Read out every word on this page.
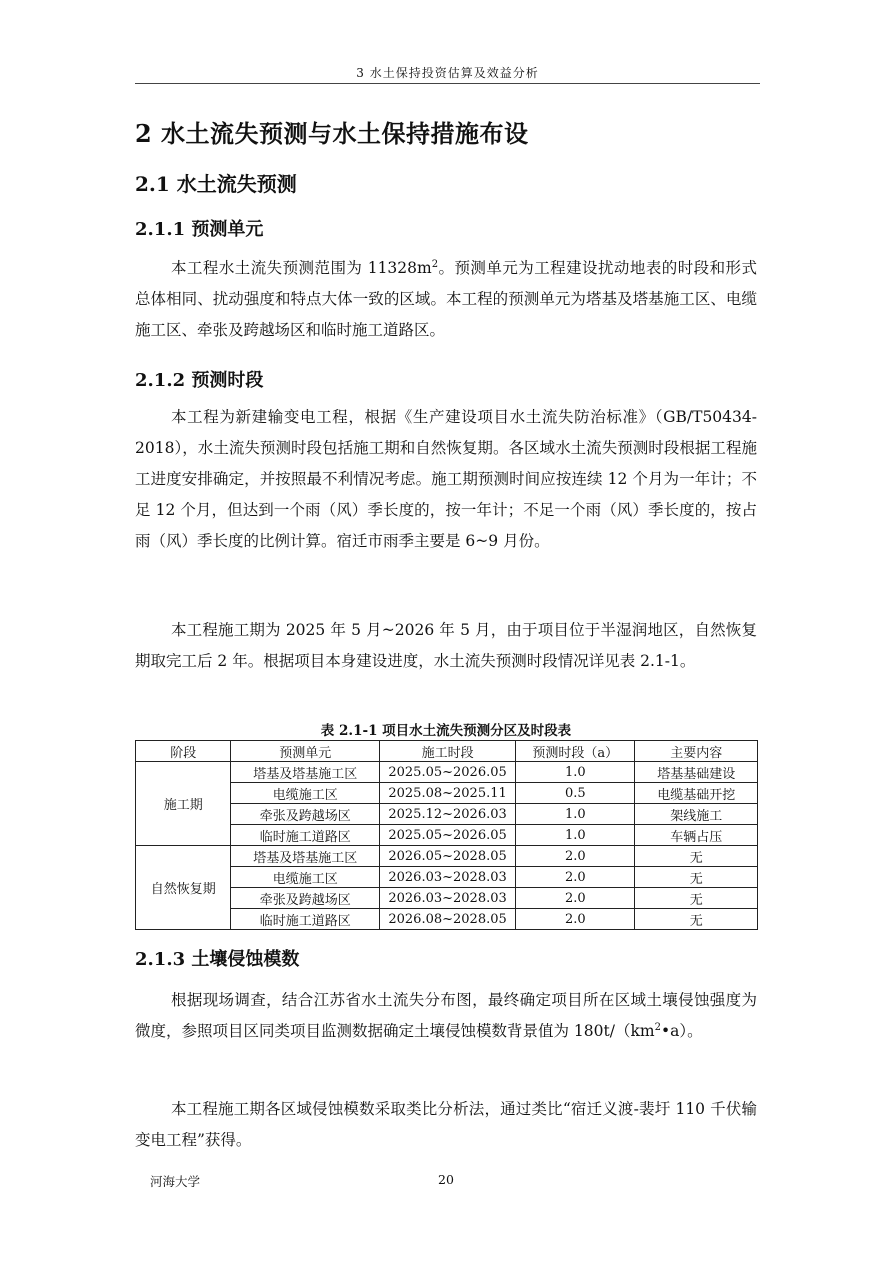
3 水土保持投资估算及效益分析
2 水土流失预测与水土保持措施布设
2.1 水土流失预测
2.1.1 预测单元

本工程水土流失预测范围为 $11328m^2$。预测单元为工程建设扰动地表的时段和形式总体相同、扰动强度和特点大体一致的区域。本工程的预测单元为塔基及塔基施工区、电缆施工区、牵张及跨越场区和临时施工道路区。

2.1.2 预测时段

本工程为新建输变电工程，根据《生产建设项目水土流失防治标准》（GB/T50434-2018），水土流失预测时段包括施工期和自然恢复期。各区域水土流失预测时段根据工程施工进度安排确定，并按照最不利情况考虑。施工期预测时间应按连续 12 个月为一年计；不足 12 个月，但达到一个雨（风）季长度的，按一年计；不足一个雨（风）季长度的，按占雨（风）季长度的比例计算。宿迁市雨季主要是 6~9 月份。

本工程施工期为 2025 年 5 月~2026 年 5 月，由于项目位于半湿润地区，自然恢复期取完工后 2 年。根据项目本身建设进度，水土流失预测时段情况详见表 2.1-1。

表 2.1-1 项目水土流失预测分区及时段表
阶段	预测单元	施工时段	预测时段（a）	主要内容
施工期	塔基及塔基施工区	2025.05~2026.05	1.0	塔基基础建设
	电缆施工区	2025.08~2025.11	0.5	电缆基础开挖
	牵张及跨越场区	2025.12~2026.03	1.0	架线施工
	临时施工道路区	2025.05~2026.05	1.0	车辆占压
自然恢复期	塔基及塔基施工区	2026.05~2028.05	2.0	无
	电缆施工区	2026.03~2028.03	2.0	无
	牵张及跨越场区	2026.03~2028.03	2.0	无
	临时施工道路区	2026.08~2028.05	2.0	无
2.1.3 土壤侵蚀模数

根据现场调查，结合江苏省水土流失分布图，最终确定项目所在区域土壤侵蚀强度为微度，参照项目区同类项目监测数据确定土壤侵蚀模数背景值为 $180t/(km^2•a)$。

本工程施工期各区域侵蚀模数采取类比分析法，通过类比“宿迁义渡-裴圩 110 千伏输变电工程”获得。

河海大学	20
